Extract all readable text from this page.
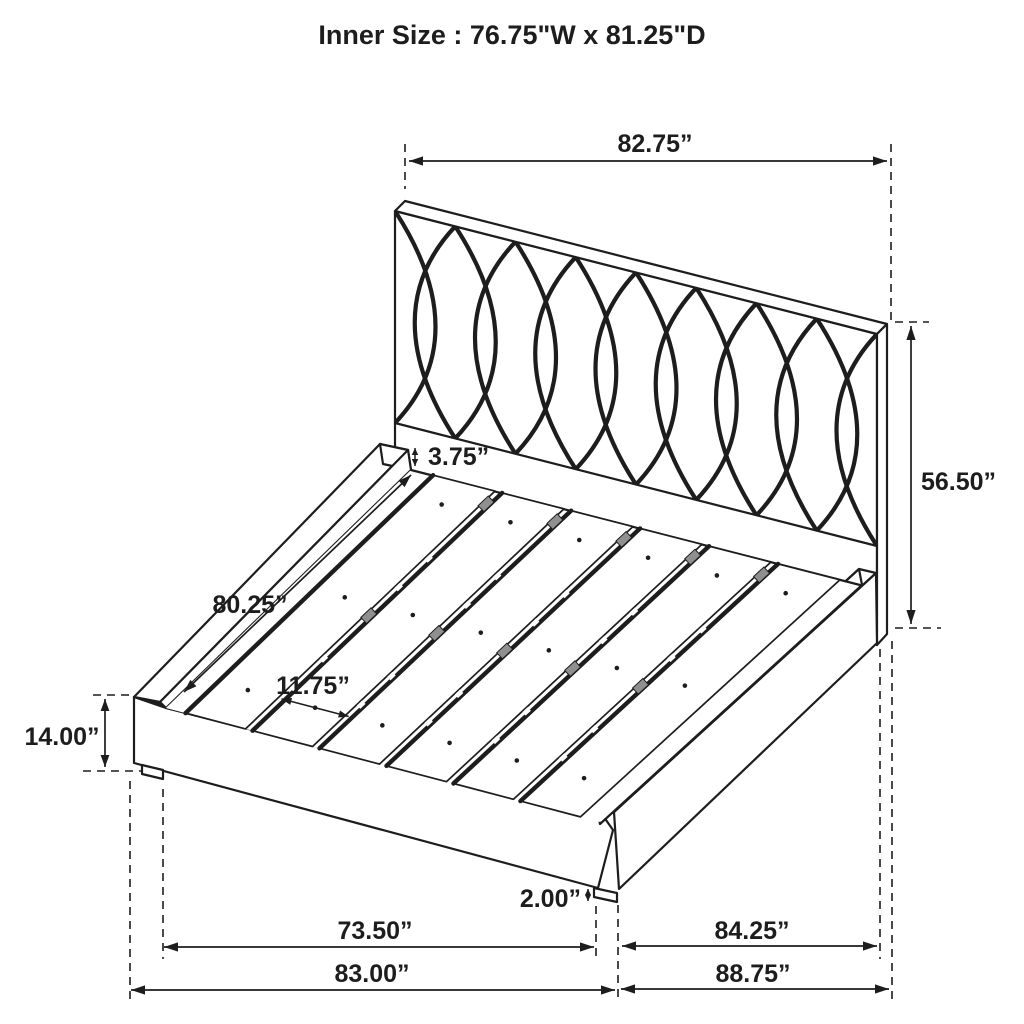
Inner Size : 76.75"W x 81.25"D
82.75”
56.50”
3.75”
80.25”
11.75”
14.00”
2.00”
73.50”	84.25”
83.00”	88.75”
